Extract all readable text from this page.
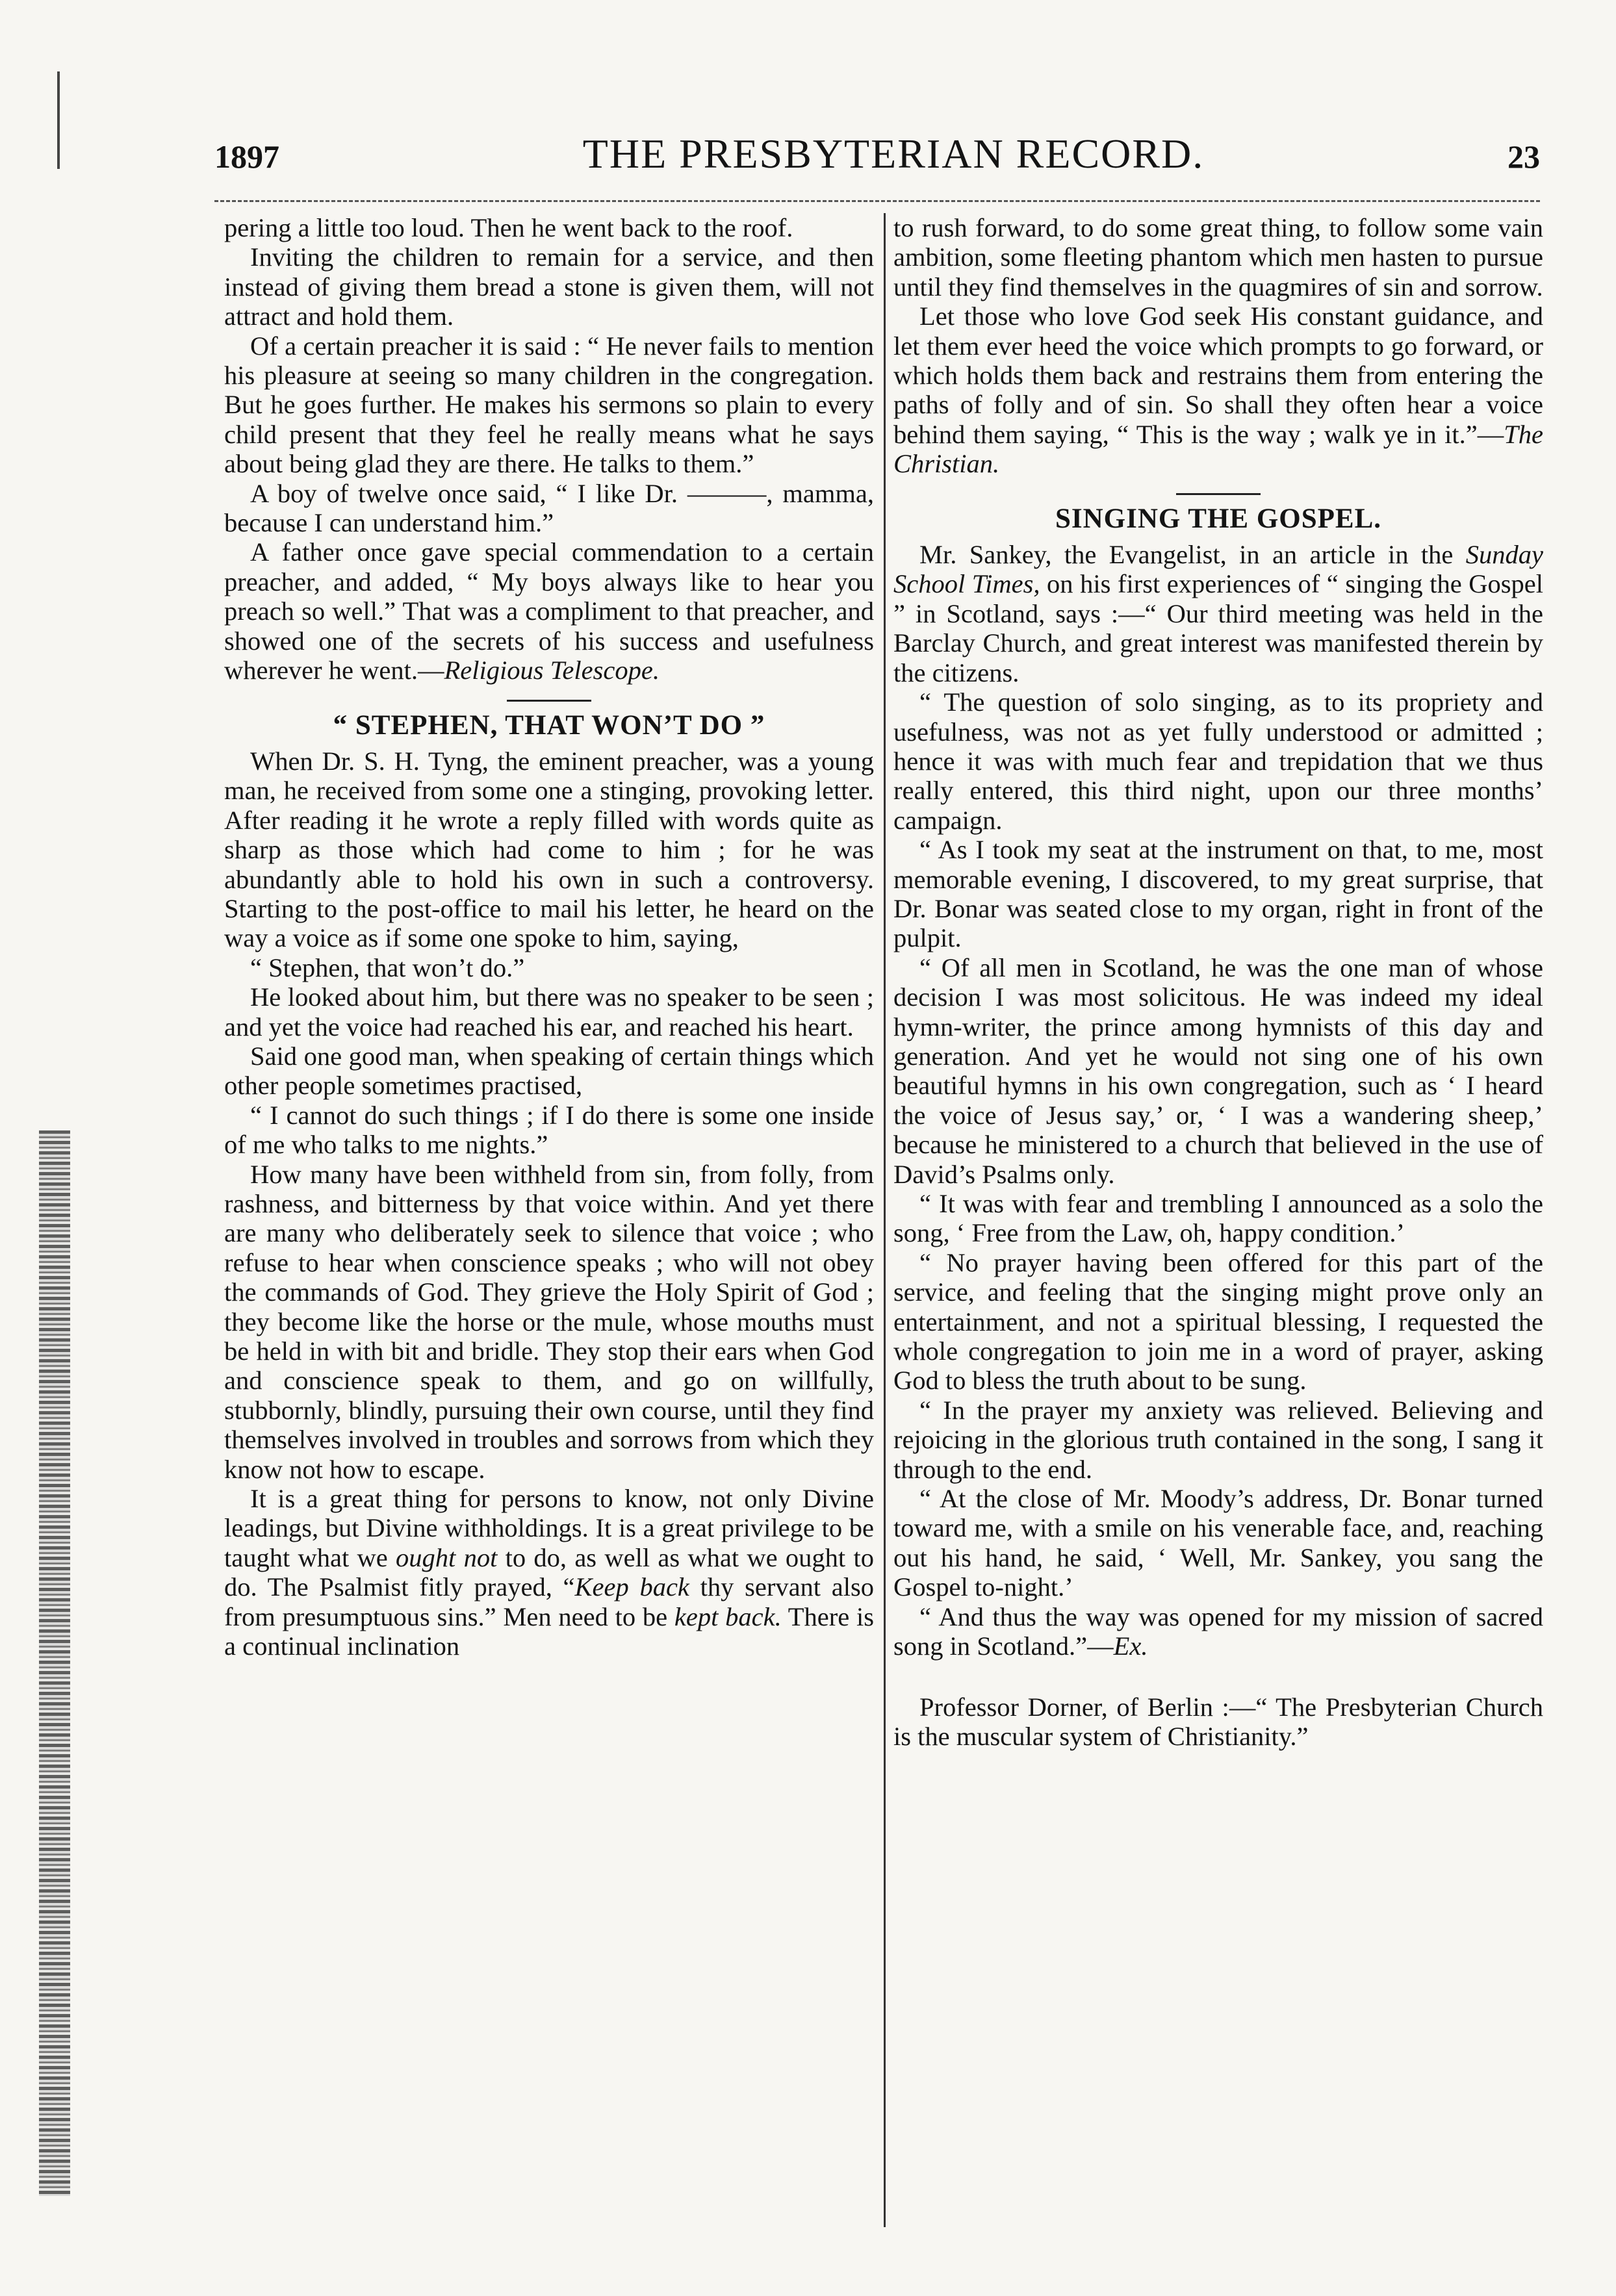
1897	THE PRESBYTERIAN RECORD.	23

pering a little too loud. Then he went back to the roof.

Inviting the children to remain for a service, and then instead of giving them bread a stone is given them, will not attract and hold them.

Of a certain preacher it is said : “ He never fails to mention his pleasure at seeing so many children in the congregation. But he goes further. He makes his sermons so plain to every child present that they feel he really means what he says about being glad they are there. He talks to them.”

A boy of twelve once said, “ I like Dr. ———, mamma, because I can understand him.”

A father once gave special commendation to a certain preacher, and added, “ My boys always like to hear you preach so well.” That was a compliment to that preacher, and showed one of the secrets of his success and usefulness wherever he went.—Religious Telescope.

“ STEPHEN, THAT WON’T DO ”

When Dr. S. H. Tyng, the eminent preacher, was a young man, he received from some one a stinging, provoking letter. After reading it he wrote a reply filled with words quite as sharp as those which had come to him ; for he was abundantly able to hold his own in such a controversy. Starting to the post-office to mail his letter, he heard on the way a voice as if some one spoke to him, saying,

“ Stephen, that won’t do.”

He looked about him, but there was no speaker to be seen ; and yet the voice had reached his ear, and reached his heart.

Said one good man, when speaking of certain things which other people sometimes practised,

“ I cannot do such things ; if I do there is some one inside of me who talks to me nights.”

How many have been withheld from sin, from folly, from rashness, and bitterness by that voice within. And yet there are many who deliberately seek to silence that voice ; who refuse to hear when conscience speaks ; who will not obey the commands of God. They grieve the Holy Spirit of God ; they become like the horse or the mule, whose mouths must be held in with bit and bridle. They stop their ears when God and conscience speak to them, and go on willfully, stubbornly, blindly, pursuing their own course, until they find themselves involved in troubles and sorrows from which they know not how to escape.

It is a great thing for persons to know, not only Divine leadings, but Divine withholdings. It is a great privilege to be taught what we ought not to do, as well as what we ought to do. The Psalmist fitly prayed, “Keep back thy servant also from presumptuous sins.” Men need to be kept back. There is a continual inclination

to rush forward, to do some great thing, to follow some vain ambition, some fleeting phantom which men hasten to pursue until they find themselves in the quagmires of sin and sorrow.

Let those who love God seek His constant guidance, and let them ever heed the voice which prompts to go forward, or which holds them back and restrains them from entering the paths of folly and of sin. So shall they often hear a voice behind them saying, “ This is the way ; walk ye in it.”—The Christian.

SINGING THE GOSPEL.

Mr. Sankey, the Evangelist, in an article in the Sunday School Times, on his first experiences of “ singing the Gospel ” in Scotland, says :—“ Our third meeting was held in the Barclay Church, and great interest was manifested therein by the citizens.

“ The question of solo singing, as to its propriety and usefulness, was not as yet fully understood or admitted ; hence it was with much fear and trepidation that we thus really entered, this third night, upon our three months’ campaign.

“ As I took my seat at the instrument on that, to me, most memorable evening, I discovered, to my great surprise, that Dr. Bonar was seated close to my organ, right in front of the pulpit.

“ Of all men in Scotland, he was the one man of whose decision I was most solicitous. He was indeed my ideal hymn-writer, the prince among hymnists of this day and generation. And yet he would not sing one of his own beautiful hymns in his own congregation, such as ‘ I heard the voice of Jesus say,’ or, ‘ I was a wandering sheep,’ because he ministered to a church that believed in the use of David’s Psalms only.

“ It was with fear and trembling I announced as a solo the song, ‘ Free from the Law, oh, happy condition.’

“ No prayer having been offered for this part of the service, and feeling that the singing might prove only an entertainment, and not a spiritual blessing, I requested the whole congregation to join me in a word of prayer, asking God to bless the truth about to be sung.

“ In the prayer my anxiety was relieved. Believing and rejoicing in the glorious truth contained in the song, I sang it through to the end.

“ At the close of Mr. Moody’s address, Dr. Bonar turned toward me, with a smile on his venerable face, and, reaching out his hand, he said, ‘ Well, Mr. Sankey, you sang the Gospel to-night.’

“ And thus the way was opened for my mission of sacred song in Scotland.”—Ex.

Professor Dorner, of Berlin :—“ The Presbyterian Church is the muscular system of Christianity.”
